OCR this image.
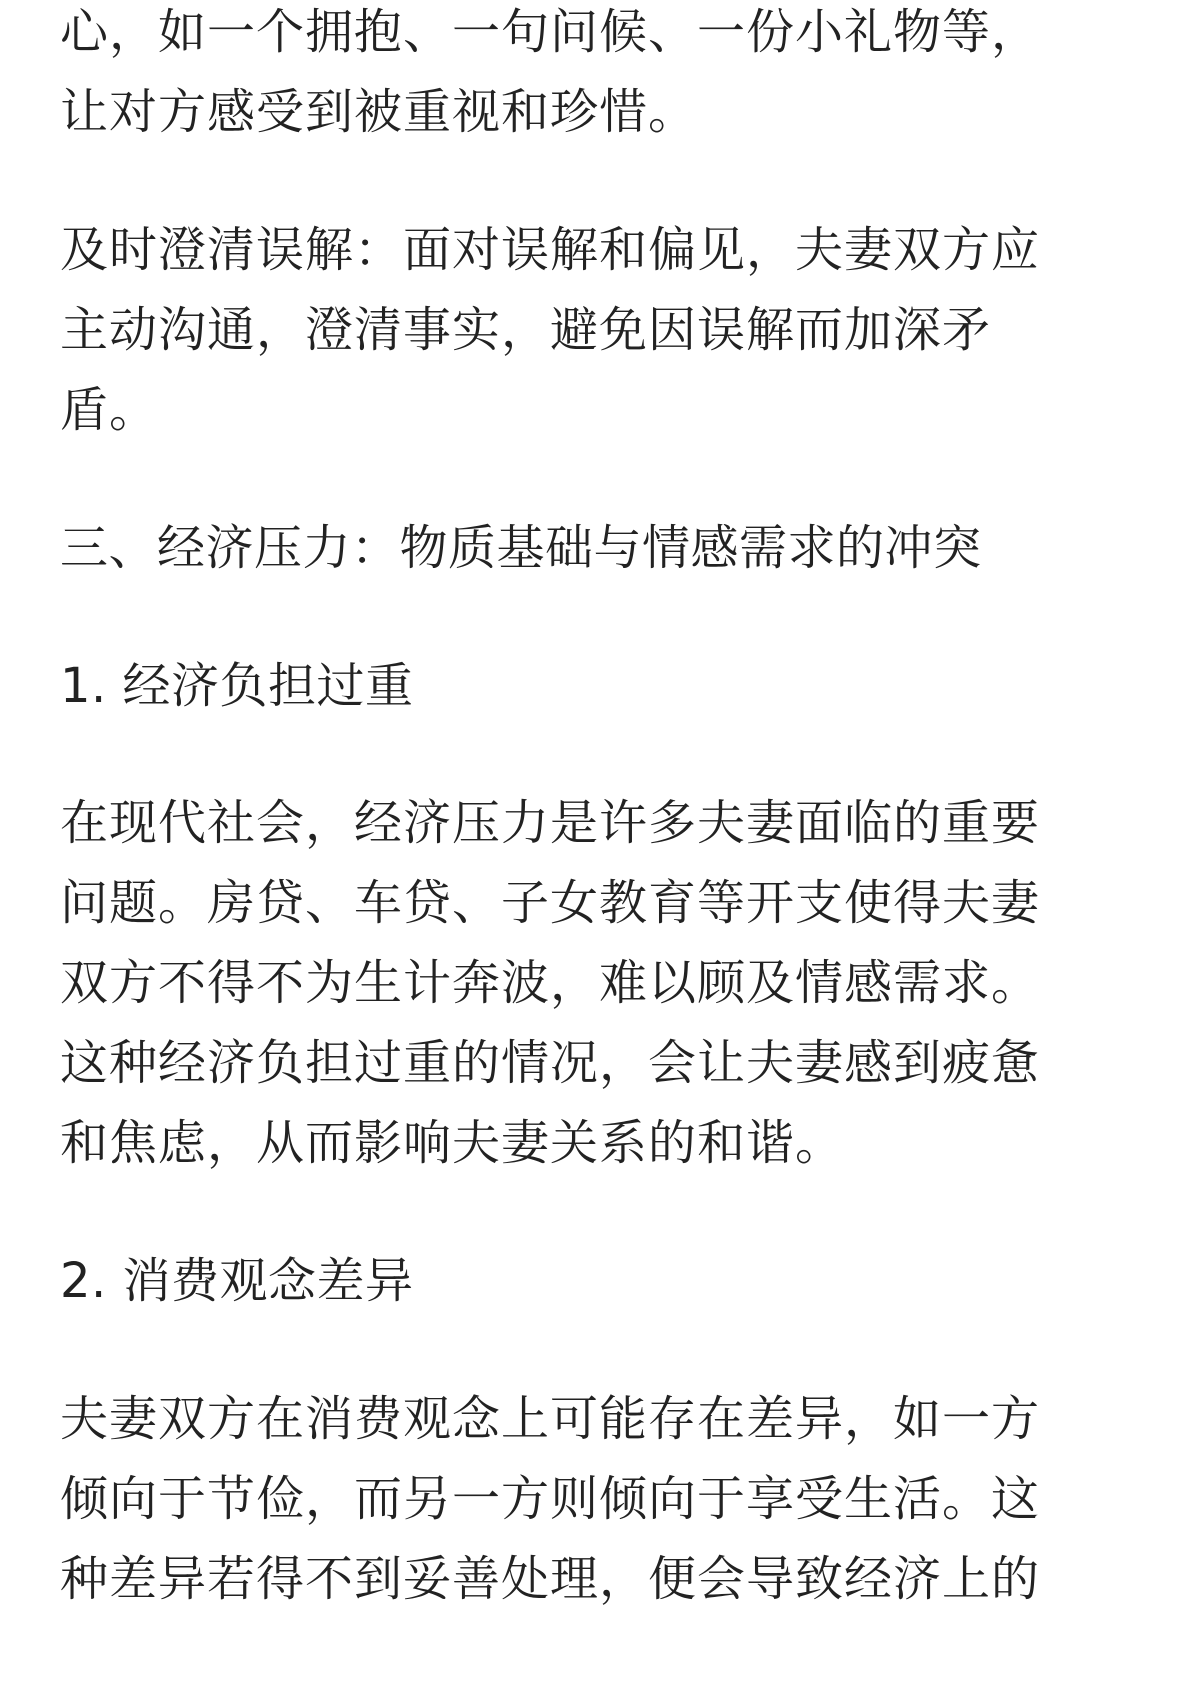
心，如一个拥抱、一句问候、一份小礼物等，
让对方感受到被重视和珍惜。
及时澄清误解：面对误解和偏见，夫妻双方应
主动沟通，澄清事实，避免因误解而加深矛
盾。
三、经济压力：物质基础与情感需求的冲突
1. 经济负担过重
在现代社会，经济压力是许多夫妻面临的重要
问题。房贷、车贷、子女教育等开支使得夫妻
双方不得不为生计奔波，难以顾及情感需求。
这种经济负担过重的情况，会让夫妻感到疲惫
和焦虑，从而影响夫妻关系的和谐。
2. 消费观念差异
夫妻双方在消费观念上可能存在差异，如一方
倾向于节俭，而另一方则倾向于享受生活。这
种差异若得不到妥善处理，便会导致经济上的
